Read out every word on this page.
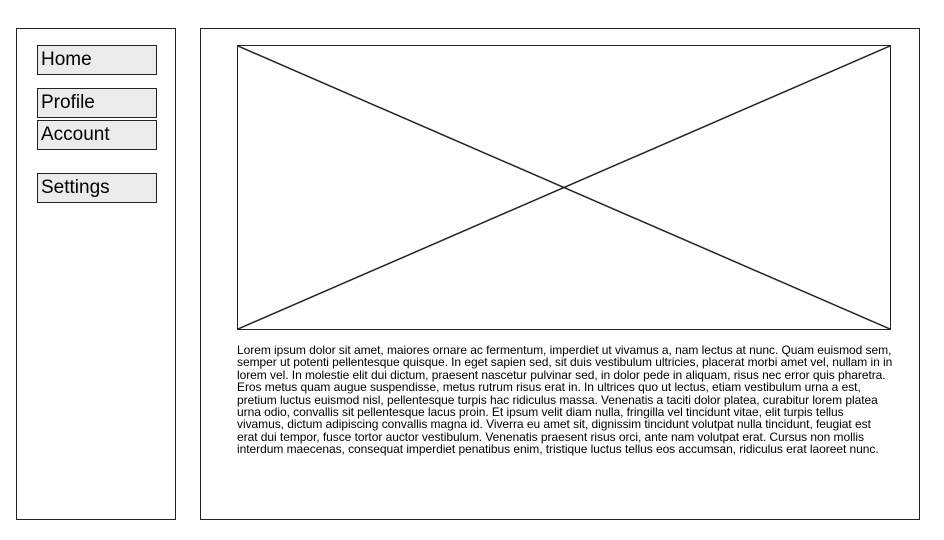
Home
Profile
Account
Settings
Lorem ipsum dolor sit amet, maiores ornare ac fermentum, imperdiet ut vivamus a, nam lectus at nunc. Quam euismod sem, semper ut potenti pellentesque quisque. In eget sapien sed, sit duis vestibulum ultricies, placerat morbi amet vel, nullam in in lorem vel. In molestie elit dui dictum, praesent nascetur pulvinar sed, in dolor pede in aliquam, risus nec error quis pharetra. Eros metus quam augue suspendisse, metus rutrum risus erat in. In ultrices quo ut lectus, etiam vestibulum urna a est, pretium luctus euismod nisl, pellentesque turpis hac ridiculus massa. Venenatis a taciti dolor platea, curabitur lorem platea urna odio, convallis sit pellentesque lacus proin. Et ipsum velit diam nulla, fringilla vel tincidunt vitae, elit turpis tellus vivamus, dictum adipiscing convallis magna id. Viverra eu amet sit, dignissim tincidunt volutpat nulla tincidunt, feugiat est erat dui tempor, fusce tortor auctor vestibulum. Venenatis praesent risus orci, ante nam volutpat erat. Cursus non mollis interdum maecenas, consequat imperdiet penatibus enim, tristique luctus tellus eos accumsan, ridiculus erat laoreet nunc.
